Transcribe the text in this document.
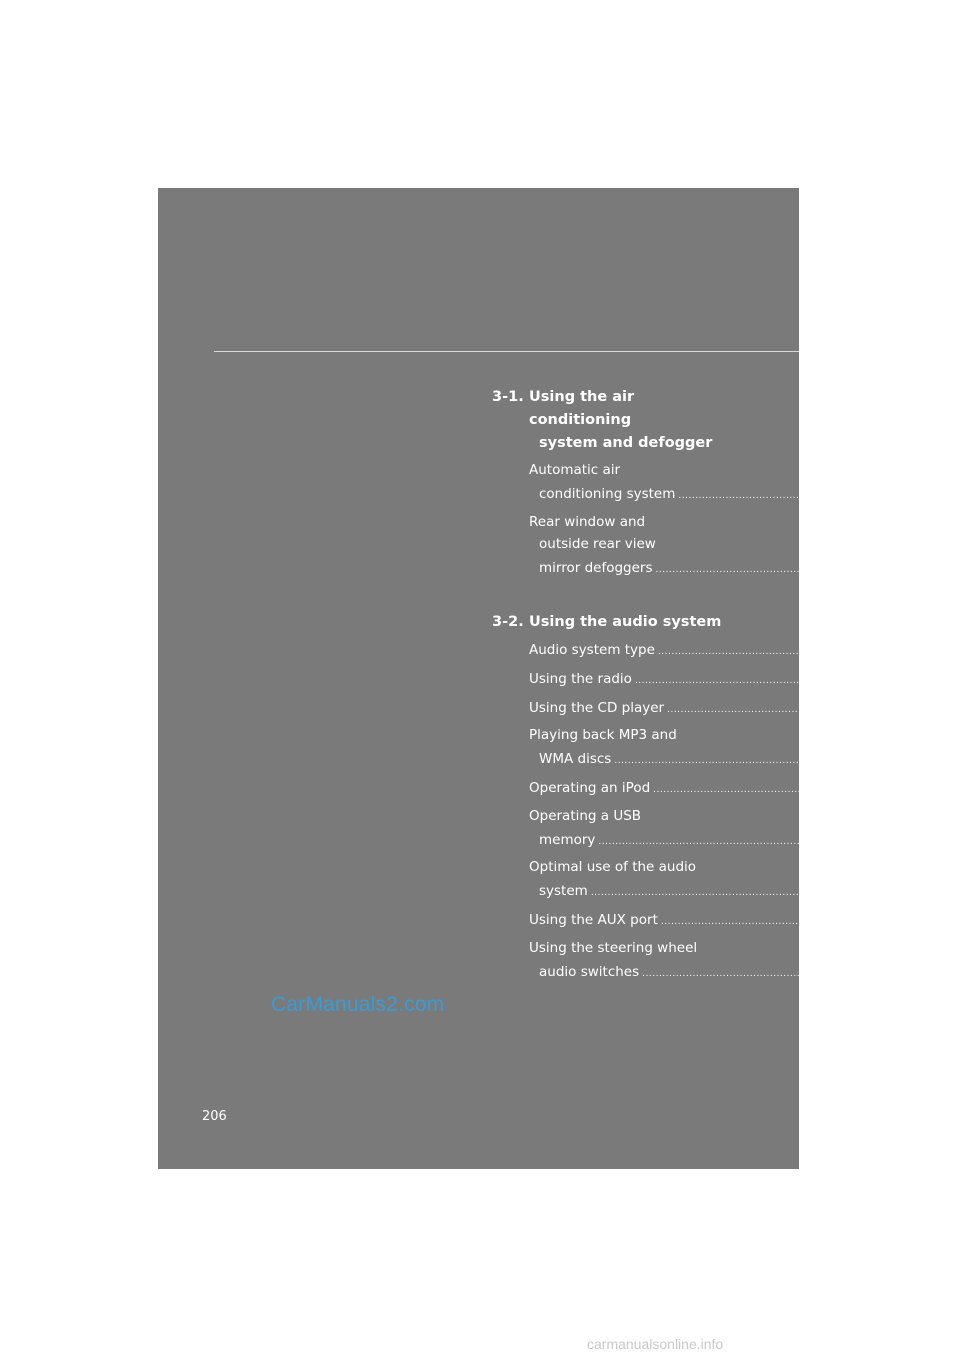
3-1. Using the air conditioning
system and defogger
Automatic air
conditioning system ................................................................ 208
Rear window and
outside rear view
mirror defoggers ................................................................ 215
3-2. Using the audio system
Audio system type ................................................................ 216
Using the radio ................................................................ 219
Using the CD player ................................................................ 226
Playing back MP3 and
WMA discs ................................................................ 233
Operating an iPod ................................................................ 240
Operating a USB
memory ................................................................ 247
Optimal use of the audio
system ................................................................ 256
Using the AUX port ................................................................ 258
Using the steering wheel
audio switches ................................................................ 259
CarManuals2.com
206
carmanualsonline.info
